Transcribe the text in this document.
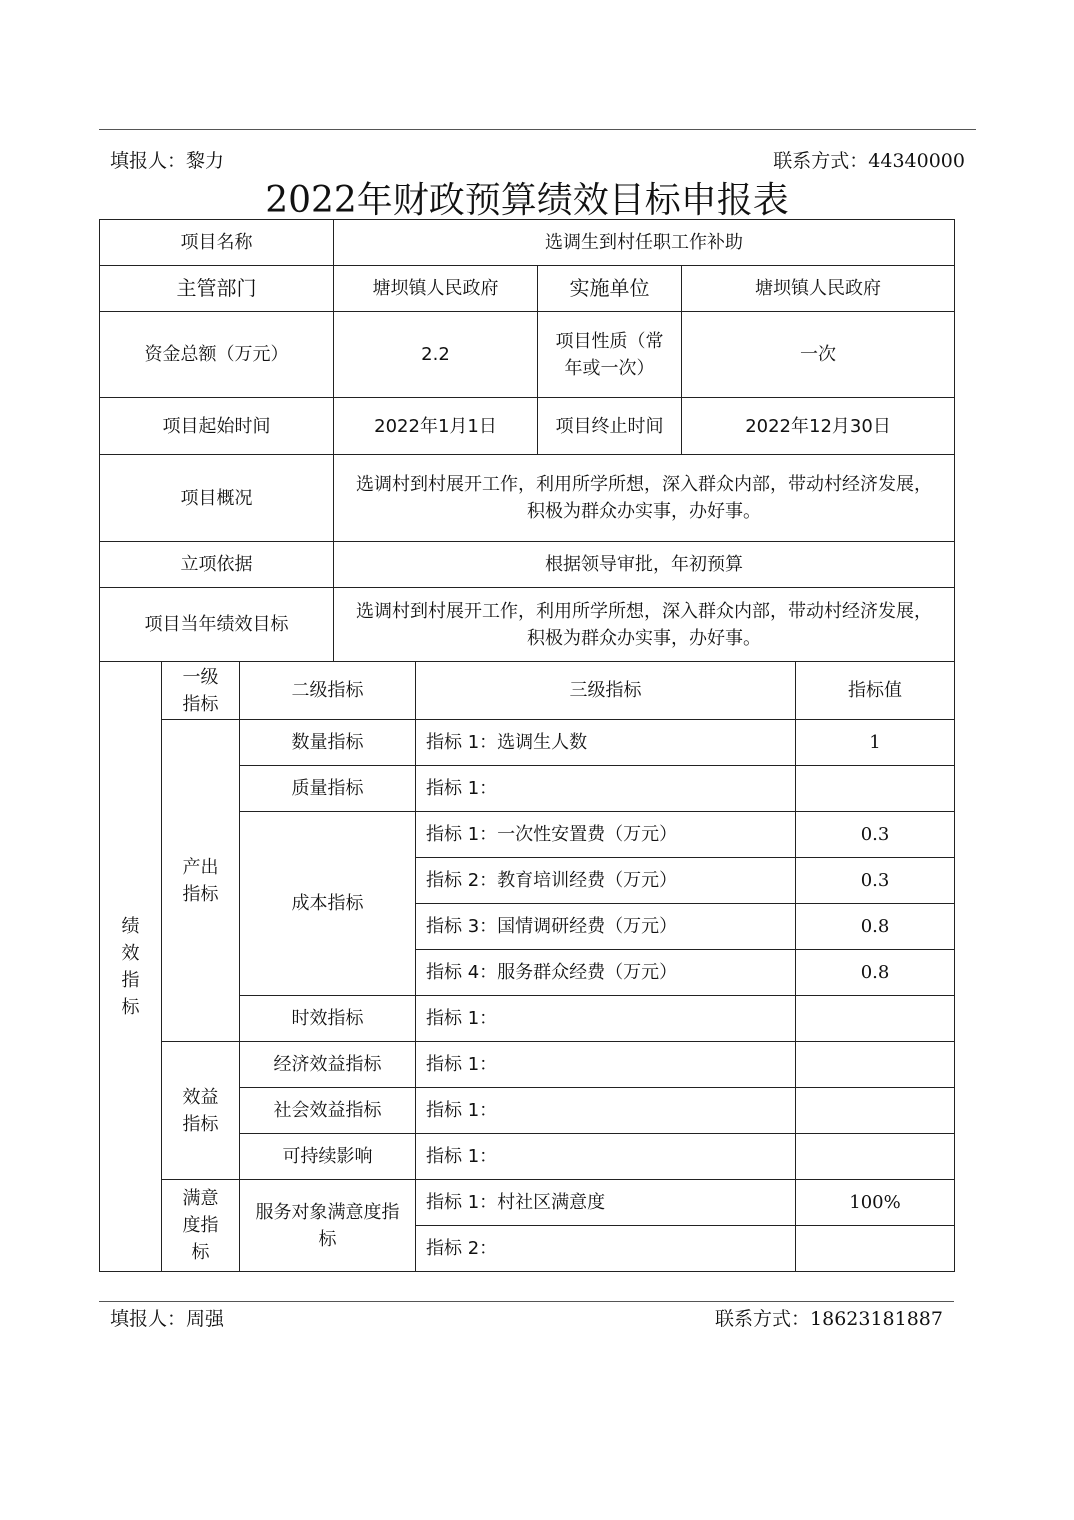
填报人：黎力	联系方式：44340000
2022年财政预算绩效目标申报表
项目名称			选调生到村任职工作补助				
主管部门			塘坝镇人民政府		实施单位	塘坝镇人民政府	
资金总额（万元）			2.2		项目性质（常年或一次）	一次	
项目起始时间			2022年1月1日		项目终止时间	2022年12月30日	
项目概况			选调村到村展开工作，利用所学所想，深入群众内部，带动村经济发展，积极为群众办实事，办好事。				
立项依据			根据领导审批，年初预算				
项目当年绩效目标			选调村到村展开工作，利用所学所想，深入群众内部，带动村经济发展，积极为群众办实事，办好事。				
绩效指标	一级指标	二级指标		三级指标			指标值
	产出指标	数量指标		指标 1：选调生人数			1
		质量指标		指标 1：			
		成本指标		指标 1：一次性安置费（万元）			0.3
				指标 2：教育培训经费（万元）			0.3
				指标 3：国情调研经费（万元）			0.8
				指标 4：服务群众经费（万元）			0.8
		时效指标		指标 1：			
	效益指标	经济效益指标		指标 1：			
		社会效益指标		指标 1：			
		可持续影响		指标 1：			
	满意度指标	服务对象满意度指标		指标 1：村社区满意度			100%
				指标 2：			
填报人：周强	联系方式：18623181887
